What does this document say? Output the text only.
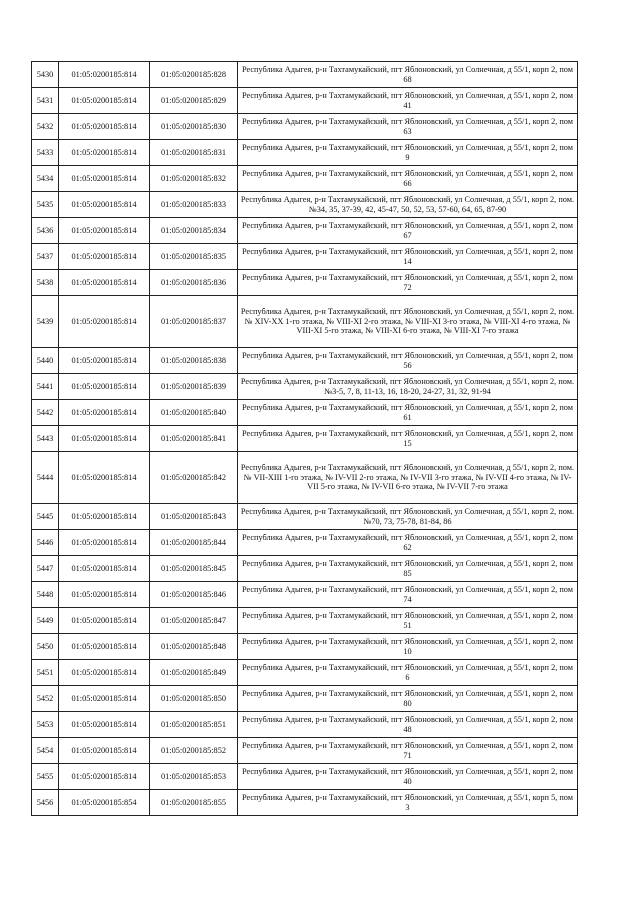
5430	01:05:0200185:814	01:05:0200185:828	Республика Адыгея, р-н Тахтамукайский, пгт Яблоновский, ул Солнечная, д 55/1, корп 2, пом 68
5431	01:05:0200185:814	01:05:0200185:829	Республика Адыгея, р-н Тахтамукайский, пгт Яблоновский, ул Солнечная, д 55/1, корп 2, пом 41
5432	01:05:0200185:814	01:05:0200185:830	Республика Адыгея, р-н Тахтамукайский, пгт Яблоновский, ул Солнечная, д 55/1, корп 2, пом 63
5433	01:05:0200185:814	01:05:0200185:831	Республика Адыгея, р-н Тахтамукайский, пгт Яблоновский, ул Солнечная, д 55/1, корп 2, пом 9
5434	01:05:0200185:814	01:05:0200185:832	Республика Адыгея, р-н Тахтамукайский, пгт Яблоновский, ул Солнечная, д 55/1, корп 2, пом 66
5435	01:05:0200185:814	01:05:0200185:833	Республика Адыгея, р-н Тахтамукайский, пгт Яблоновский, ул Солнечная, д 55/1, корп 2, пом. №34, 35, 37-39, 42, 45-47, 50, 52, 53, 57-60, 64, 65, 87-90
5436	01:05:0200185:814	01:05:0200185:834	Республика Адыгея, р-н Тахтамукайский, пгт Яблоновский, ул Солнечная, д 55/1, корп 2, пом 67
5437	01:05:0200185:814	01:05:0200185:835	Республика Адыгея, р-н Тахтамукайский, пгт Яблоновский, ул Солнечная, д 55/1, корп 2, пом 14
5438	01:05:0200185:814	01:05:0200185:836	Республика Адыгея, р-н Тахтамукайский, пгт Яблоновский, ул Солнечная, д 55/1, корп 2, пом 72
5439	01:05:0200185:814	01:05:0200185:837	Республика Адыгея, р-н Тахтамукайский, пгт Яблоновский, ул Солнечная, д 55/1, корп 2, пом. № XIV-XX 1-го этажа, № VIII-XI 2-го этажа, № VIII-XI 3-го этажа, № VIII-XI 4-го этажа, № VIII-XI 5-го этажа, № VIII-XI 6-го этажа, № VIII-XI 7-го этажа
5440	01:05:0200185:814	01:05:0200185:838	Республика Адыгея, р-н Тахтамукайский, пгт Яблоновский, ул Солнечная, д 55/1, корп 2, пом 56
5441	01:05:0200185:814	01:05:0200185:839	Республика Адыгея, р-н Тахтамукайский, пгт Яблоновский, ул Солнечная, д 55/1, корп 2, пом. №3-5, 7, 8, 11-13, 16, 18-20, 24-27, 31, 32, 91-94
5442	01:05:0200185:814	01:05:0200185:840	Республика Адыгея, р-н Тахтамукайский, пгт Яблоновский, ул Солнечная, д 55/1, корп 2, пом 61
5443	01:05:0200185:814	01:05:0200185:841	Республика Адыгея, р-н Тахтамукайский, пгт Яблоновский, ул Солнечная, д 55/1, корп 2, пом 15
5444	01:05:0200185:814	01:05:0200185:842	Республика Адыгея, р-н Тахтамукайский, пгт Яблоновский, ул Солнечная, д 55/1, корп 2, пом. № VII-XIII 1-го этажа, № IV-VII 2-го этажа, № IV-VII 3-го этажа, № IV-VII 4-го этажа, № IV-VII 5-го этажа, № IV-VII 6-го этажа, № IV-VII 7-го этажа
5445	01:05:0200185:814	01:05:0200185:843	Республика Адыгея, р-н Тахтамукайский, пгт Яблоновский, ул Солнечная, д 55/1, корп 2, пом. №70, 73, 75-78, 81-84, 86
5446	01:05:0200185:814	01:05:0200185:844	Республика Адыгея, р-н Тахтамукайский, пгт Яблоновский, ул Солнечная, д 55/1, корп 2, пом 62
5447	01:05:0200185:814	01:05:0200185:845	Республика Адыгея, р-н Тахтамукайский, пгт Яблоновский, ул Солнечная, д 55/1, корп 2, пом 85
5448	01:05:0200185:814	01:05:0200185:846	Республика Адыгея, р-н Тахтамукайский, пгт Яблоновский, ул Солнечная, д 55/1, корп 2, пом 74
5449	01:05:0200185:814	01:05:0200185:847	Республика Адыгея, р-н Тахтамукайский, пгт Яблоновский, ул Солнечная, д 55/1, корп 2, пом 51
5450	01:05:0200185:814	01:05:0200185:848	Республика Адыгея, р-н Тахтамукайский, пгт Яблоновский, ул Солнечная, д 55/1, корп 2, пом 10
5451	01:05:0200185:814	01:05:0200185:849	Республика Адыгея, р-н Тахтамукайский, пгт Яблоновский, ул Солнечная, д 55/1, корп 2, пом 6
5452	01:05:0200185:814	01:05:0200185:850	Республика Адыгея, р-н Тахтамукайский, пгт Яблоновский, ул Солнечная, д 55/1, корп 2, пом 80
5453	01:05:0200185:814	01:05:0200185:851	Республика Адыгея, р-н Тахтамукайский, пгт Яблоновский, ул Солнечная, д 55/1, корп 2, пом 48
5454	01:05:0200185:814	01:05:0200185:852	Республика Адыгея, р-н Тахтамукайский, пгт Яблоновский, ул Солнечная, д 55/1, корп 2, пом 71
5455	01:05:0200185:814	01:05:0200185:853	Республика Адыгея, р-н Тахтамукайский, пгт Яблоновский, ул Солнечная, д 55/1, корп 2, пом 40
5456	01:05:0200185:854	01:05:0200185:855	Республика Адыгея, р-н Тахтамукайский, пгт Яблоновский, ул Солнечная, д 55/1, корп 5, пом 3
